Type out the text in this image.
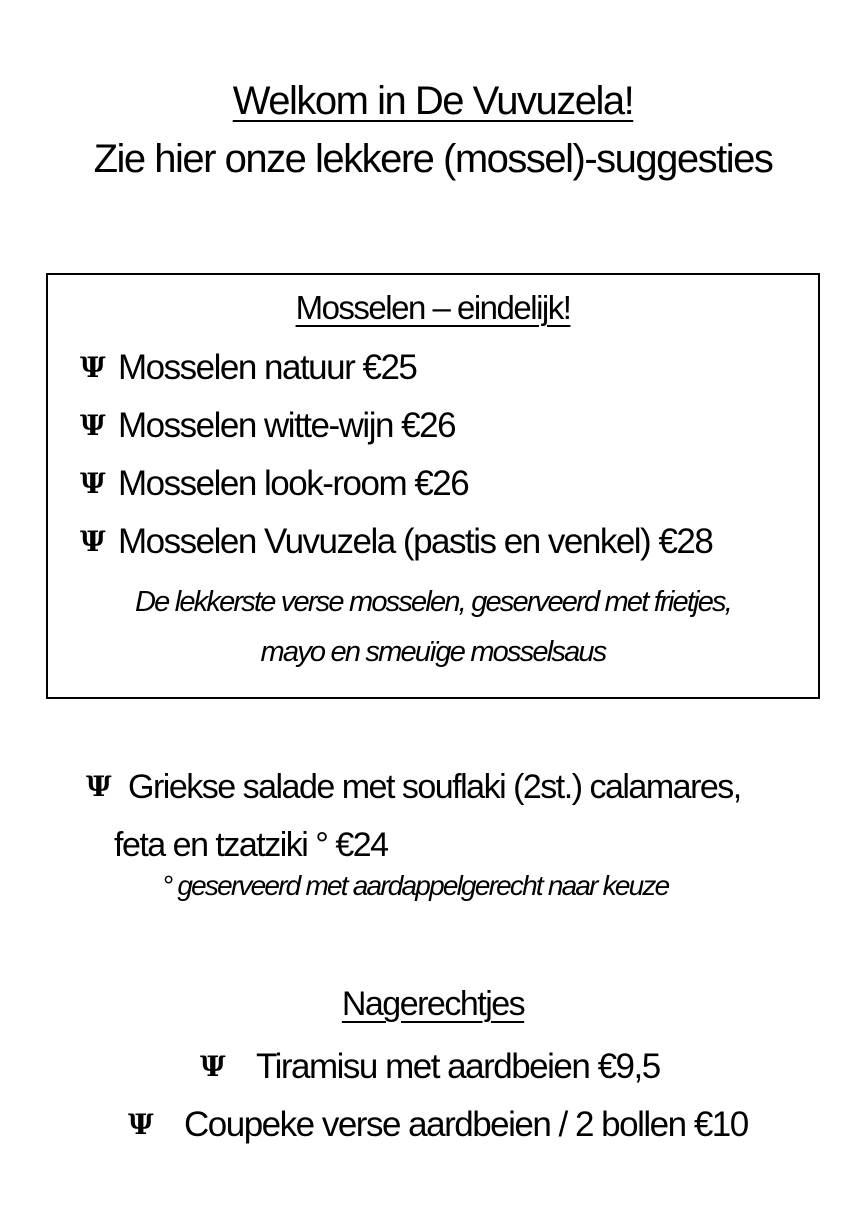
Welkom in De Vuvuzela!
Zie hier onze lekkere (mossel)-suggesties
Mosselen – eindelijk!
Ψ Mosselen natuur €25
Ψ Mosselen witte-wijn €26
Ψ Mosselen look-room €26
Ψ Mosselen Vuvuzela (pastis en venkel) €28
De lekkerste verse mosselen, geserveerd met frietjes,
mayo en smeuïge mosselsaus
Ψ Griekse salade met souflaki (2st.) calamares,
feta en tzatziki ° €24
° geserveerd met aardappelgerecht naar keuze
Nagerechtjes
Ψ Tiramisu met aardbeien €9,5
Ψ Coupeke verse aardbeien / 2 bollen €10
